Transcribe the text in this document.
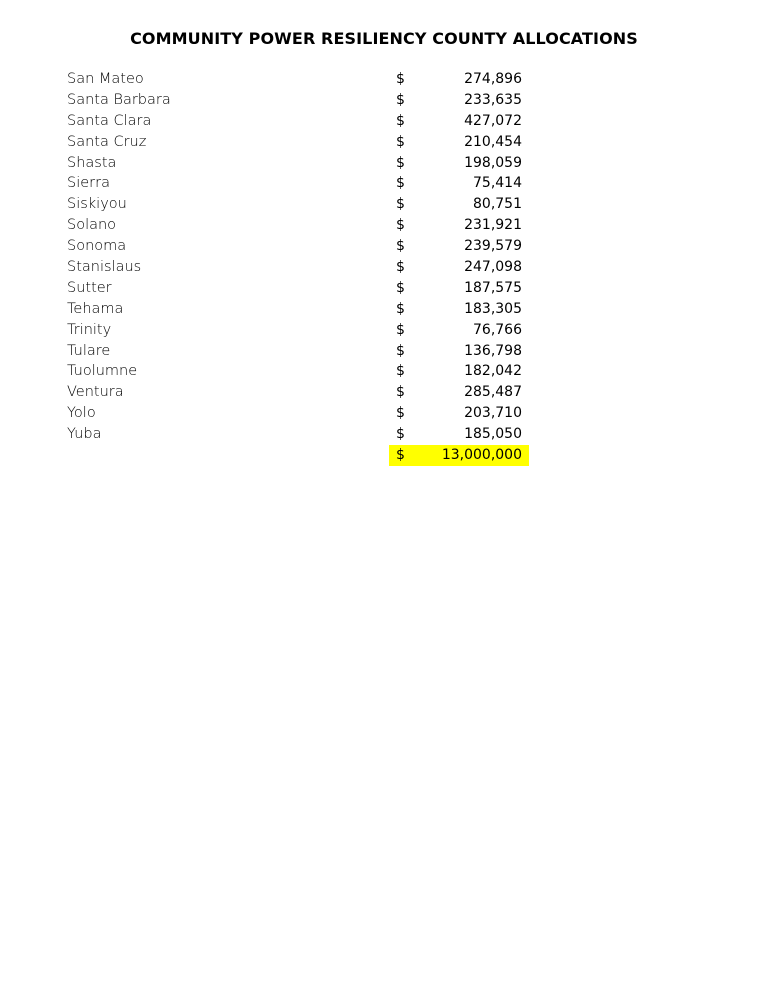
COMMUNITY POWER RESILIENCY COUNTY ALLOCATIONS
San Mateo	$	274,896
Santa Barbara	$	233,635
Santa Clara	$	427,072
Santa Cruz	$	210,454
Shasta	$	198,059
Sierra	$	75,414
Siskiyou	$	80,751
Solano	$	231,921
Sonoma	$	239,579
Stanislaus	$	247,098
Sutter	$	187,575
Tehama	$	183,305
Trinity	$	76,766
Tulare	$	136,798
Tuolumne	$	182,042
Ventura	$	285,487
Yolo	$	203,710
Yuba	$	185,050
$	13,000,000
